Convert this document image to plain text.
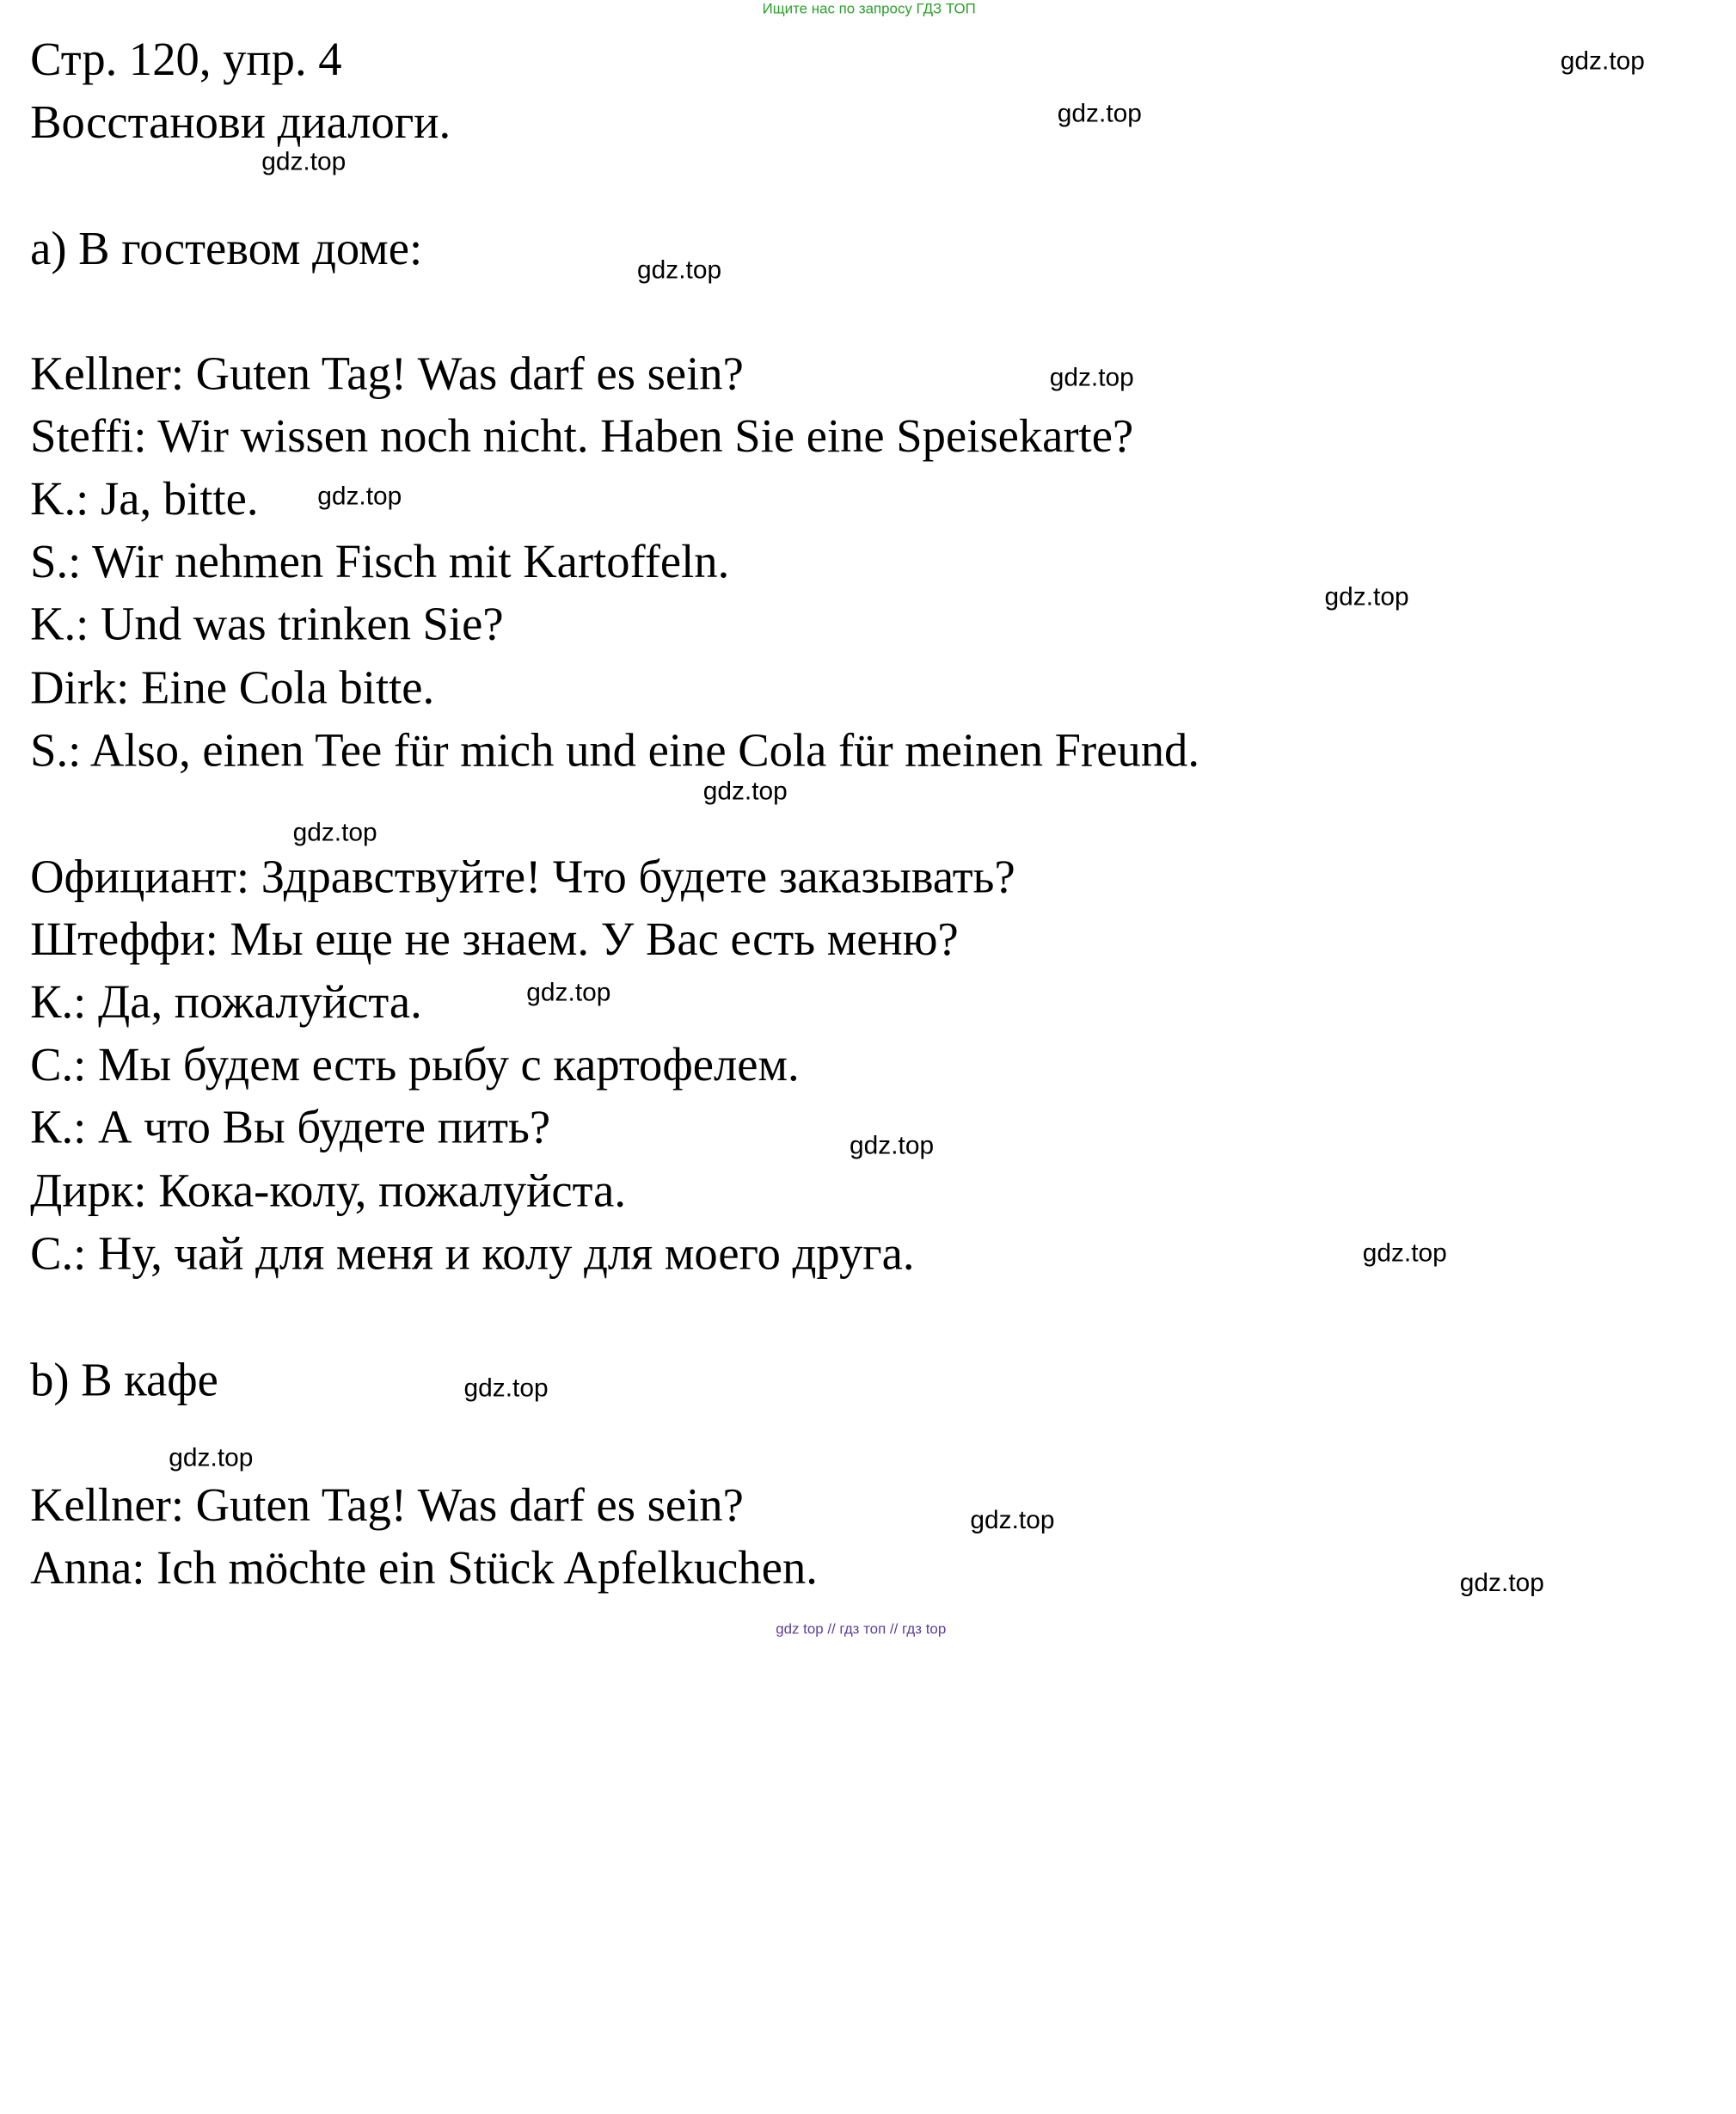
Ищите нас по запросу ГДЗ ТОП
Стр. 120, упр. 4
Восстанови диалоги.
a) В гостевом доме:
Kellner: Guten Tag! Was darf es sein?
Steffi: Wir wissen noch nicht. Haben Sie eine Speisekarte?
K.: Ja, bitte.
S.: Wir nehmen Fisch mit Kartoffeln.
K.: Und was trinken Sie?
Dirk: Eine Cola bitte.
S.: Also, einen Tee für mich und eine Cola für meinen Freund.
Официант: Здравствуйте! Что будете заказывать?
Штеффи: Мы еще не знаем. У Вас есть меню?
К.: Да, пожалуйста.
С.: Мы будем есть рыбу с картофелем.
К.: А что Вы будете пить?
Дирк: Кока-колу, пожалуйста.
С.: Ну, чай для меня и колу для моего друга.
b) В кафе
Kellner: Guten Tag! Was darf es sein?
Anna: Ich möchte ein Stück Apfelkuchen.
gdz.top
gdz.top
gdz.top
gdz.top
gdz.top
gdz.top
gdz.top
gdz.top
gdz.top
gdz.top
gdz.top
gdz.top
gdz.top
gdz.top
gdz.top
gdz.top
gdz top // гдз топ // гдз top
